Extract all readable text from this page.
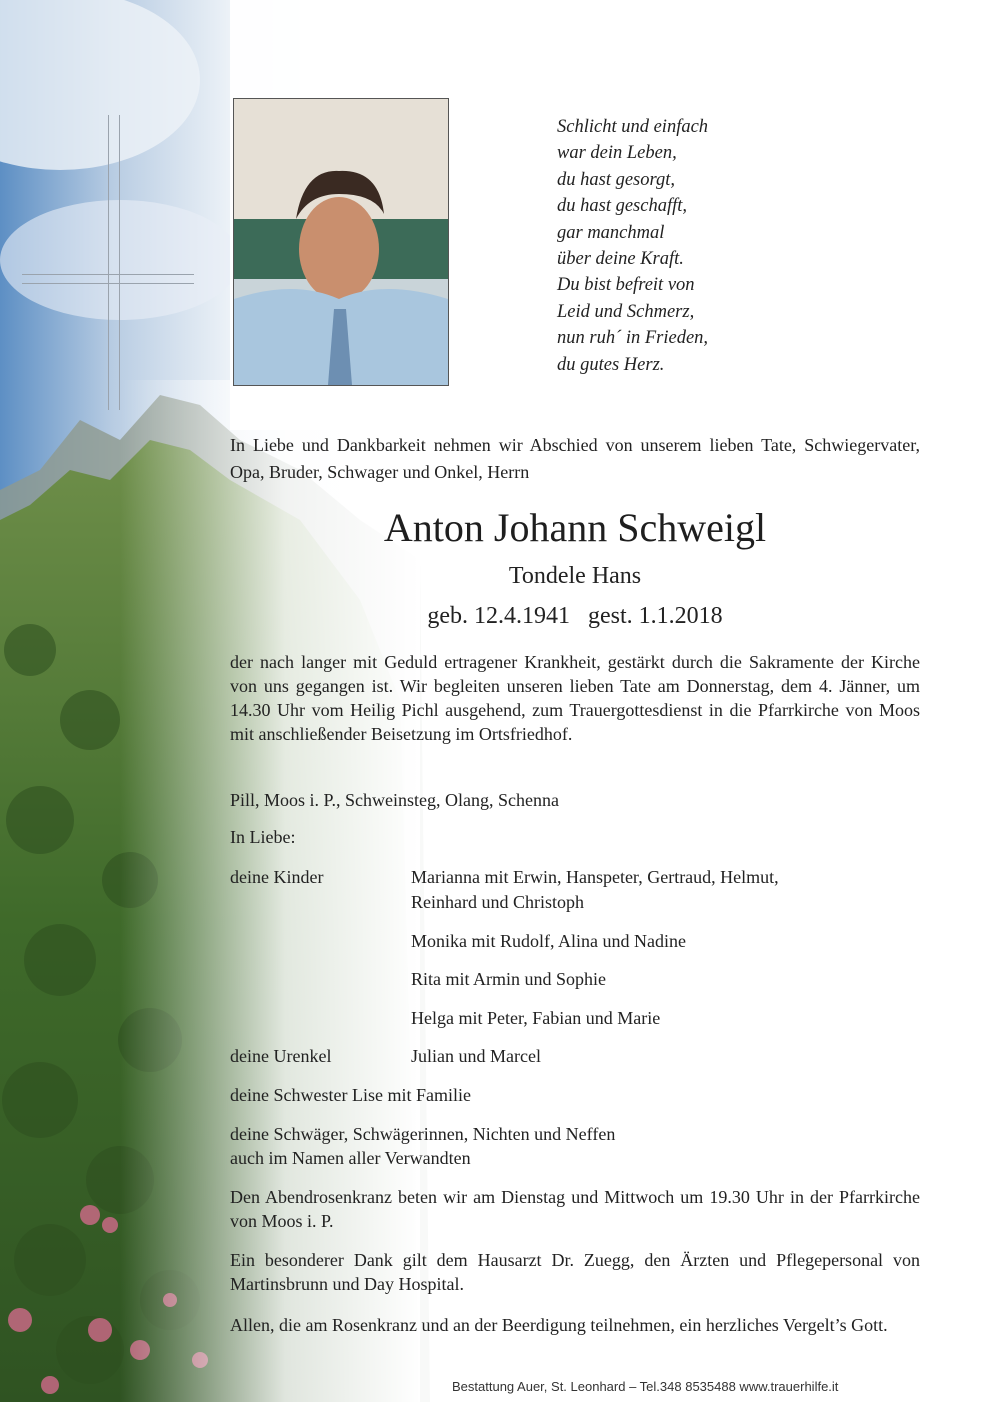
Schlicht und einfach
war dein Leben,
du hast gesorgt,
du hast geschafft,
gar manchmal
über deine Kraft.
Du bist befreit von
Leid und Schmerz,
nun ruh´ in Frieden,
du gutes Herz.
In Liebe und Dankbarkeit nehmen wir Abschied von unserem lieben Tate, Schwiegervater, Opa, Bruder, Schwager und Onkel, Herrn
Anton Johann Schweigl
Tondele Hans
geb. 12.4.1941   gest. 1.1.2018
der nach langer mit Geduld ertragener Krankheit, gestärkt durch die Sakramente der Kirche von uns gegangen ist. Wir begleiten unseren lieben Tate am Donnerstag, dem 4. Jänner, um 14.30 Uhr vom Heilig Pichl ausgehend, zum Trauergottesdienst in die Pfarrkirche von Moos mit anschließender Beisetzung im Ortsfriedhof.
Pill, Moos i. P., Schweinsteg, Olang, Schenna
In Liebe:
deine Kinder	Marianna mit Erwin, Hanspeter, Gertraud, Helmut,
Reinhard und Christoph
Monika mit Rudolf, Alina und Nadine
Rita mit Armin und Sophie
Helga mit Peter, Fabian und Marie
deine Urenkel	Julian und Marcel
deine Schwester Lise mit Familie
deine Schwäger, Schwägerinnen, Nichten und Neffen
auch im Namen aller Verwandten
Den Abendrosenkranz beten wir am Dienstag und Mittwoch um 19.30 Uhr in der Pfarrkirche von Moos i. P.
Ein besonderer Dank gilt dem Hausarzt Dr. Zuegg, den Ärzten und Pflegepersonal von Martinsbrunn und Day Hospital.
Allen, die am Rosenkranz und an der Beerdigung teilnehmen, ein herzliches Vergelt’s Gott.
Bestattung Auer, St. Leonhard – Tel.348 8535488 www.trauerhilfe.it
